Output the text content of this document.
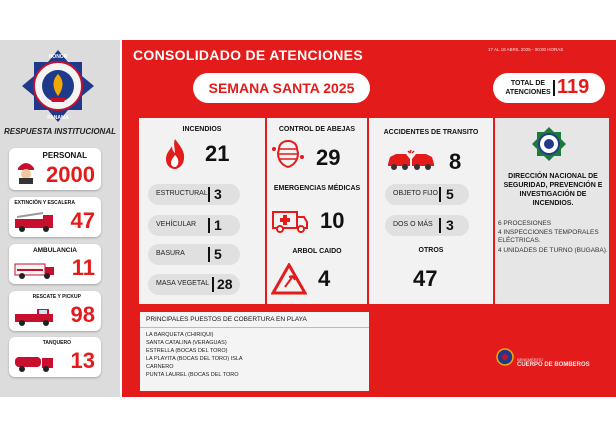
HONOR
PANAMA
RESPUESTA INSTITUCIONAL
PERSONAL
2000
EXTINCIÓN Y ESCALERA
47
AMBULANCIA
11
RESCATE Y PICKUP
98
TANQUERO
13
CONSOLIDADO DE ATENCIONES	17 AL 18 ABRIL 2025 - 00:00 HORAS
SEMANA SANTA 2025	TOTAL DE ATENCIONES 119
INCENDIOS
21
ESTRUCTURAL 3
VEHÍCULAR 1
BASURA 5
MASA VEGETAL 28
CONTROL DE ABEJAS
29
EMERGENCIAS MÉDICAS
10
ARBOL CAIDO
4
ACCIDENTES DE TRANSITO
8
OBJETO FIJO 5
DOS O MÁS 3
OTROS
47
DIRECCIÓN NACIONAL DE SEGURIDAD, PREVENCIÓN E INVESTIGACIÓN DE INCENDIOS.
6 PROCESIONES
4 INSPECCIONES TEMPORALES ELÉCTRICAS.
4 UNIDADES DE TURNO (BUGABA).
PRINCIPALES PUESTOS DE COBERTURA EN PLAYA
LA BARQUETA (CHIRIQUI)
SANTA CATALINA (VERAGUAS)
ESTRELLA (BOCAS DEL TORO)
LA PLAYITA (BOCAS DEL TORO) ISLA
CARNERO
PUNTA LAUREL (BOCAS DEL TORO
BENEMÉRITO
CUERPO DE BOMBEROS
